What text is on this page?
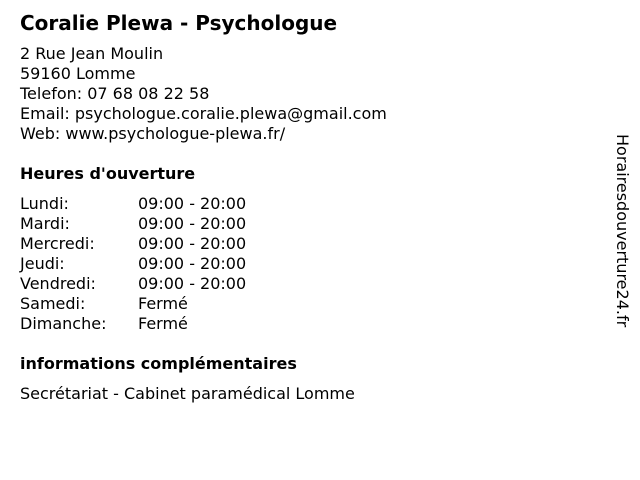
Coralie Plewa - Psychologue
2 Rue Jean Moulin
59160 Lomme
Telefon: 07 68 08 22 58
Email: psychologue.coralie.plewa@gmail.com
Web: www.psychologue-plewa.fr/
Heures d'ouverture
Lundi:	09:00 - 20:00
Mardi:	09:00 - 20:00
Mercredi:	09:00 - 20:00
Jeudi:	09:00 - 20:00
Vendredi:	09:00 - 20:00
Samedi:	Fermé
Dimanche:	Fermé
informations complémentaires
Secrétariat - Cabinet paramédical Lomme
Horairesdouverture24.fr
